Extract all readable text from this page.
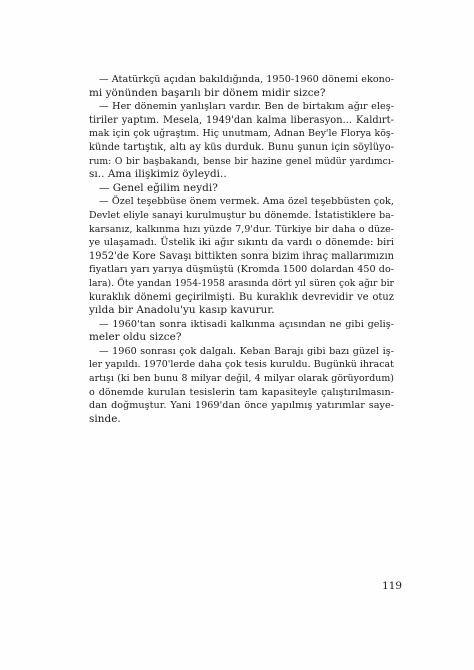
— Atatürkçü açıdan bakıldığında, 1950-1960 dönemi ekono-
mi yönünden başarılı bir dönem midir sizce?
— Her dönemin yanlışları vardır. Ben de birtakım ağır eleş-
tiriler yaptım. Mesela, 1949'dan kalma liberasyon... Kaldırt-
mak için çok uğraştım. Hiç unutmam, Adnan Bey'le Florya köş-
künde tartıştık, altı ay küs durduk. Bunu şunun için söylüyo-
rum: O bir başbakandı, bense bir hazine genel müdür yardımcı-
sı.. Ama ilişkimiz öyleydi..
— Genel eğilim neydi?
— Özel teşebbüse önem vermek. Ama özel teşebbüsten çok,
Devlet eliyle sanayi kurulmuştur bu dönemde. İstatistiklere ba-
karsanız, kalkınma hızı yüzde 7,9'dur. Türkiye bir daha o düze-
ye ulaşamadı. Üstelik iki ağır sıkıntı da vardı o dönemde: biri
1952'de Kore Savaşı bittikten sonra bizim ihraç mallarımızın
fiyatları yarı yarıya düşmüştü (Kromda 1500 dolardan 450 do-
lara). Öte yandan 1954-1958 arasında dört yıl süren çok ağır bir
kuraklık dönemi geçirilmişti. Bu kuraklık devrevidir ve otuz
yılda bir Anadolu'yu kasıp kavurur.
— 1960'tan sonra iktisadi kalkınma açısından ne gibi geliş-
meler oldu sizce?
— 1960 sonrası çok dalgalı. Keban Barajı gibi bazı güzel iş-
ler yapıldı. 1970'lerde daha çok tesis kuruldu. Bugünkü ihracat
artışı (ki ben bunu 8 milyar değil, 4 milyar olarak görüyordum)
o dönemde kurulan tesislerin tam kapasiteyle çalıştırılmasın-
dan doğmuştur. Yani 1969'dan önce yapılmış yatırımlar saye-
sinde.
119
